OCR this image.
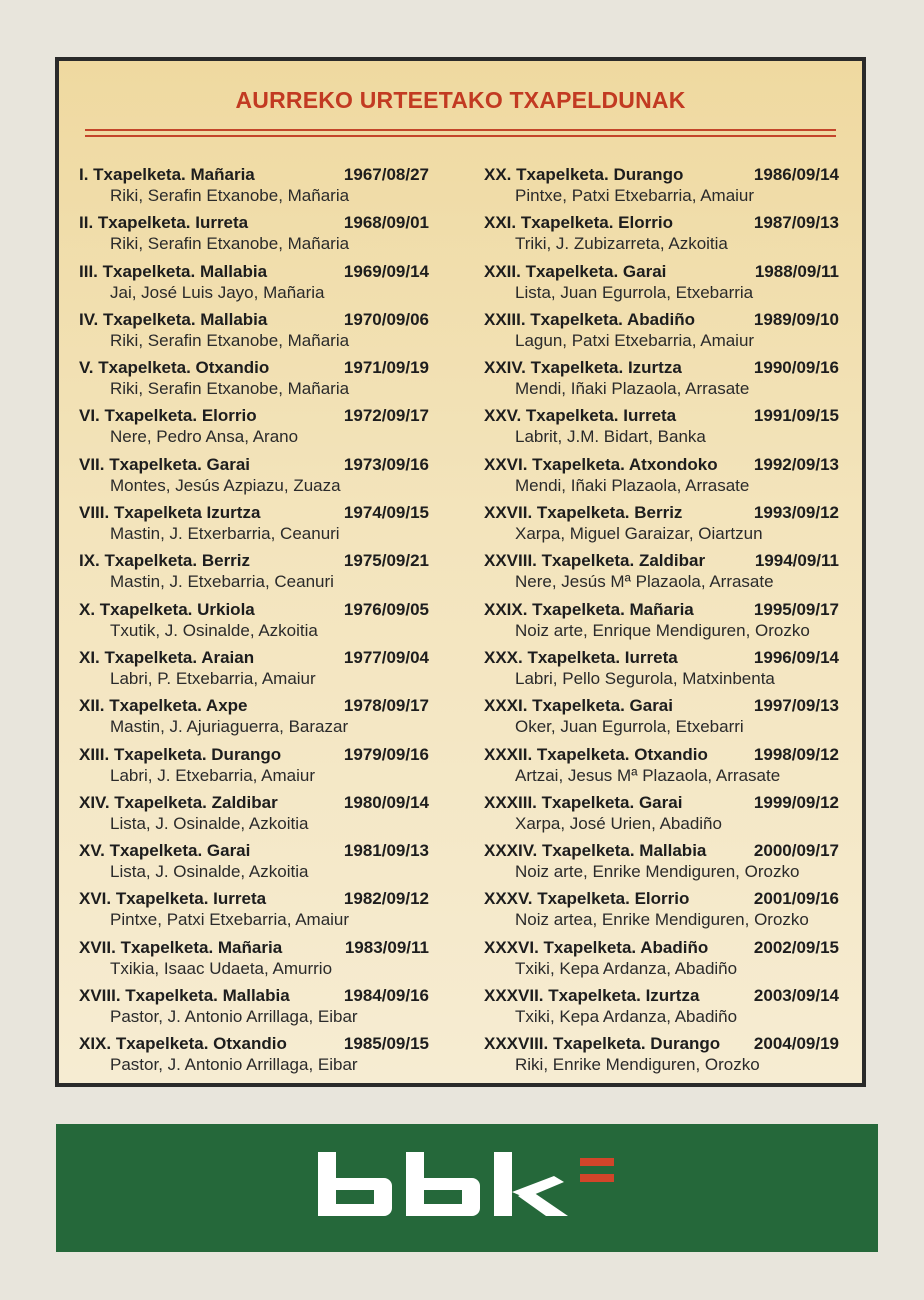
AURREKO URTEETAKO TXAPELDUNAK
I. Txapelketa. Mañaria	1967/08/27
Riki, Serafin Etxanobe, Mañaria
II. Txapelketa. Iurreta	1968/09/01
Riki, Serafin Etxanobe, Mañaria
III. Txapelketa. Mallabia	1969/09/14
Jai, José Luis Jayo, Mañaria
IV. Txapelketa. Mallabia	1970/09/06
Riki, Serafin Etxanobe, Mañaria
V. Txapelketa. Otxandio	1971/09/19
Riki, Serafin Etxanobe, Mañaria
VI. Txapelketa. Elorrio	1972/09/17
Nere, Pedro Ansa, Arano
VII. Txapelketa. Garai	1973/09/16
Montes, Jesús Azpiazu, Zuaza
VIII. Txapelketa Izurtza	1974/09/15
Mastin, J. Etxerbarria, Ceanuri
IX. Txapelketa. Berriz	1975/09/21
Mastin, J. Etxebarria, Ceanuri
X. Txapelketa. Urkiola	1976/09/05
Txutik, J. Osinalde, Azkoitia
XI. Txapelketa. Araian	1977/09/04
Labri, P. Etxebarria, Amaiur
XII. Txapelketa. Axpe	1978/09/17
Mastin, J. Ajuriaguerra, Barazar
XIII. Txapelketa. Durango	1979/09/16
Labri, J. Etxebarria, Amaiur
XIV. Txapelketa. Zaldibar	1980/09/14
Lista, J. Osinalde, Azkoitia
XV. Txapelketa. Garai	1981/09/13
Lista, J. Osinalde, Azkoitia
XVI. Txapelketa. Iurreta	1982/09/12
Pintxe, Patxi Etxebarria, Amaiur
XVII. Txapelketa. Mañaria	1983/09/11
Txikia, Isaac Udaeta, Amurrio
XVIII. Txapelketa. Mallabia	1984/09/16
Pastor, J. Antonio Arrillaga, Eibar
XIX. Txapelketa. Otxandio	1985/09/15
Pastor, J. Antonio Arrillaga, Eibar
XX. Txapelketa. Durango	1986/09/14
Pintxe, Patxi Etxebarria, Amaiur
XXI. Txapelketa. Elorrio	1987/09/13
Triki, J. Zubizarreta, Azkoitia
XXII. Txapelketa. Garai	1988/09/11
Lista, Juan Egurrola, Etxebarria
XXIII. Txapelketa. Abadiño	1989/09/10
Lagun, Patxi Etxebarria, Amaiur
XXIV. Txapelketa. Izurtza	1990/09/16
Mendi, Iñaki Plazaola, Arrasate
XXV. Txapelketa. Iurreta	1991/09/15
Labrit, J.M. Bidart, Banka
XXVI. Txapelketa. Atxondoko 1992/09/13
Mendi, Iñaki Plazaola, Arrasate
XXVII. Txapelketa. Berriz	1993/09/12
Xarpa, Miguel Garaizar, Oiartzun
XXVIII. Txapelketa. Zaldibar	1994/09/11
Nere, Jesús Mª Plazaola, Arrasate
XXIX. Txapelketa. Mañaria	1995/09/17
Noiz arte, Enrique Mendiguren, Orozko
XXX. Txapelketa. Iurreta	1996/09/14
Labri, Pello Segurola, Matxinbenta
XXXI. Txapelketa. Garai	1997/09/13
Oker, Juan Egurrola, Etxebarri
XXXII. Txapelketa. Otxandio	1998/09/12
Artzai, Jesus Mª Plazaola, Arrasate
XXXIII. Txapelketa. Garai	1999/09/12
Xarpa, José Urien, Abadiño
XXXIV. Txapelketa. Mallabia	2000/09/17
Noiz arte, Enrike Mendiguren, Orozko
XXXV. Txapelketa. Elorrio	2001/09/16
Noiz artea, Enrike Mendiguren, Orozko
XXXVI. Txapelketa. Abadiño	2002/09/15
Txiki, Kepa Ardanza, Abadiño
XXXVII. Txapelketa. Izurtza	2003/09/14
Txiki, Kepa Ardanza, Abadiño
XXXVIII. Txapelketa. Durango 2004/09/19
Riki, Enrike Mendiguren, Orozko
